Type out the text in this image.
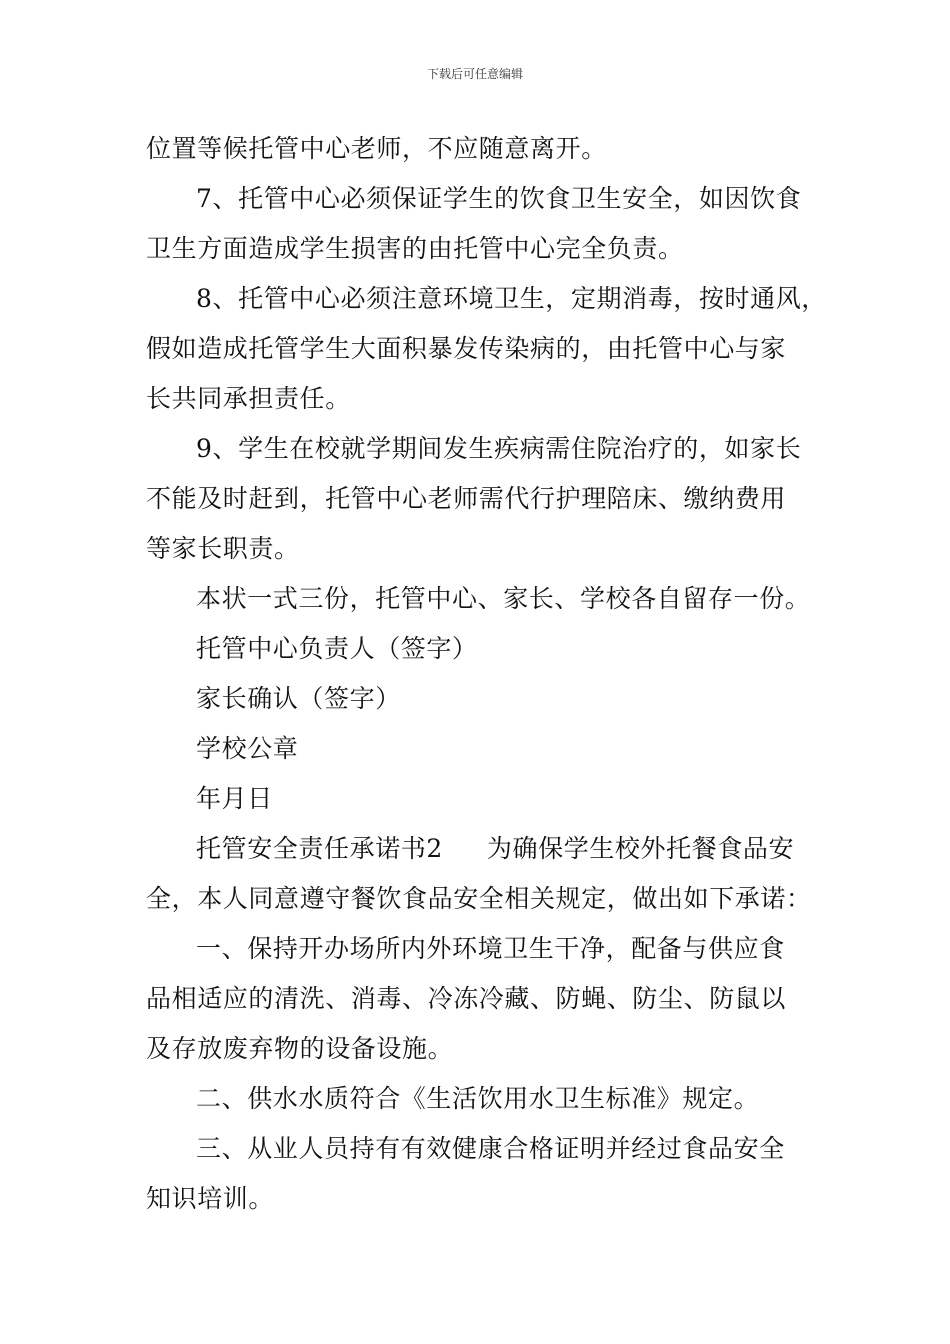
下载后可任意编辑
位置等候托管中心老师，不应随意离开。
7、托管中心必须保证学生的饮食卫生安全，如因饮食
卫生方面造成学生损害的由托管中心完全负责。
8、托管中心必须注意环境卫生，定期消毒，按时通风，
假如造成托管学生大面积暴发传染病的，由托管中心与家
长共同承担责任。
9、学生在校就学期间发生疾病需住院治疗的，如家长
不能及时赶到，托管中心老师需代行护理陪床、缴纳费用
等家长职责。
本状一式三份，托管中心、家长、学校各自留存一份。
托管中心负责人（签字）
家长确认（签字）
学校公章
年月日
托管安全责任承诺书2 为确保学生校外托餐食品安
全，本人同意遵守餐饮食品安全相关规定，做出如下承诺：
一、保持开办场所内外环境卫生干净，配备与供应食
品相适应的清洗、消毒、冷冻冷藏、防蝇、防尘、防鼠以
及存放废弃物的设备设施。
二、供水水质符合《生活饮用水卫生标准》规定。
三、从业人员持有有效健康合格证明并经过食品安全
知识培训。
